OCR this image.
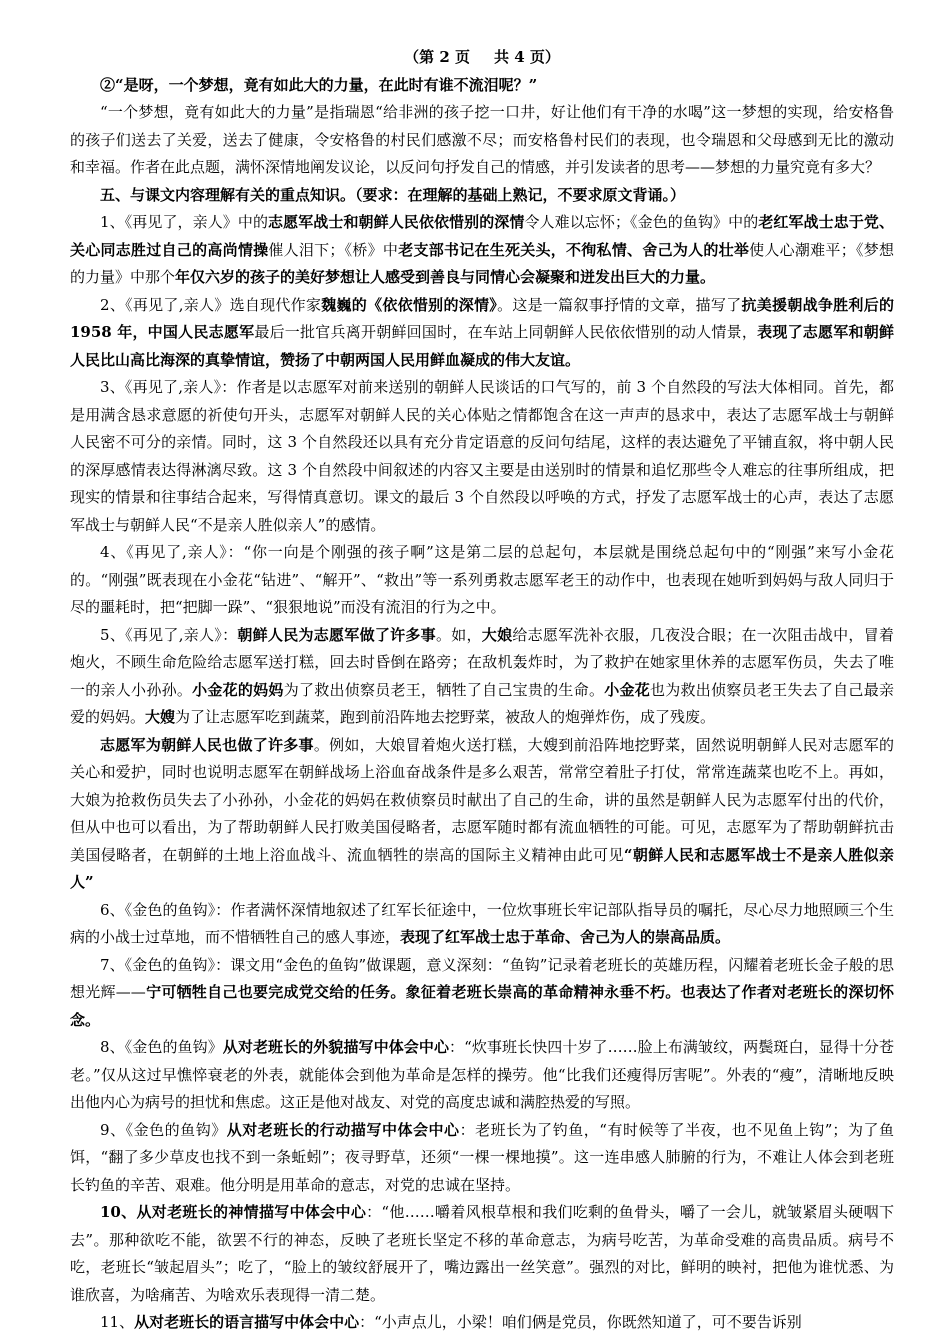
（第 2 页 共 4 页）

②“是呀，一个梦想，竟有如此大的力量，在此时有谁不流泪呢？”

“一个梦想，竟有如此大的力量”是指瑞恩“给非洲的孩子挖一口井，好让他们有干净的水喝”这一梦想的实现，给安格鲁的孩子们送去了关爱，送去了健康，令安格鲁的村民们感激不尽；而安格鲁村民们的表现，也令瑞恩和父母感到无比的激动和幸福。作者在此点题，满怀深情地阐发议论，以反问句抒发自己的情感，并引发读者的思考——梦想的力量究竟有多大？

五、与课文内容理解有关的重点知识。（要求：在理解的基础上熟记，不要求原文背诵。）

1、《再见了，亲人》中的志愿军战士和朝鲜人民依依惜别的深情令人难以忘怀；《金色的鱼钩》中的老红军战士忠于党、关心同志胜过自己的高尚情操催人泪下；《桥》中老支部书记在生死关头，不徇私情、舍己为人的壮举使人心潮难平；《梦想的力量》中那个年仅六岁的孩子的美好梦想让人感受到善良与同情心会凝聚和迸发出巨大的力量。

2、《再见了,亲人》选自现代作家魏巍的《依依惜别的深情》。这是一篇叙事抒情的文章，描写了抗美援朝战争胜利后的 1958 年，中国人民志愿军最后一批官兵离开朝鲜回国时，在车站上同朝鲜人民依依惜别的动人情景，表现了志愿军和朝鲜人民比山高比海深的真挚情谊，赞扬了中朝两国人民用鲜血凝成的伟大友谊。

3、《再见了,亲人》：作者是以志愿军对前来送别的朝鲜人民谈话的口气写的，前 3 个自然段的写法大体相同。首先，都是用满含恳求意愿的祈使句开头，志愿军对朝鲜人民的关心体贴之情都饱含在这一声声的恳求中，表达了志愿军战士与朝鲜人民密不可分的亲情。同时，这 3 个自然段还以具有充分肯定语意的反问句结尾，这样的表达避免了平铺直叙，将中朝人民的深厚感情表达得淋漓尽致。这 3 个自然段中间叙述的内容又主要是由送别时的情景和追忆那些令人难忘的往事所组成，把现实的情景和往事结合起来，写得情真意切。课文的最后 3 个自然段以呼唤的方式，抒发了志愿军战士的心声，表达了志愿军战士与朝鲜人民“不是亲人胜似亲人”的感情。

4、《再见了,亲人》：“你一向是个刚强的孩子啊”这是第二层的总起句，本层就是围绕总起句中的“刚强”来写小金花的。“刚强”既表现在小金花“钻进”、“解开”、“救出”等一系列勇救志愿军老王的动作中，也表现在她听到妈妈与敌人同归于尽的噩耗时，把“把脚一跺”、“狠狠地说”而没有流泪的行为之中。

5、《再见了,亲人》：朝鲜人民为志愿军做了许多事。如，大娘给志愿军洗补衣服，几夜没合眼；在一次阻击战中，冒着炮火，不顾生命危险给志愿军送打糕，回去时昏倒在路旁；在敌机轰炸时，为了救护在她家里休养的志愿军伤员，失去了唯一的亲人小孙孙。小金花的妈妈为了救出侦察员老王，牺牲了自己宝贵的生命。小金花也为救出侦察员老王失去了自己最亲爱的妈妈。大嫂为了让志愿军吃到蔬菜，跑到前沿阵地去挖野菜，被敌人的炮弹炸伤，成了残废。

志愿军为朝鲜人民也做了许多事。例如，大娘冒着炮火送打糕，大嫂到前沿阵地挖野菜，固然说明朝鲜人民对志愿军的关心和爱护，同时也说明志愿军在朝鲜战场上浴血奋战条件是多么艰苦，常常空着肚子打仗，常常连蔬菜也吃不上。再如，大娘为抢救伤员失去了小孙孙，小金花的妈妈在救侦察员时献出了自己的生命，讲的虽然是朝鲜人民为志愿军付出的代价，但从中也可以看出，为了帮助朝鲜人民打败美国侵略者，志愿军随时都有流血牺牲的可能。可见，志愿军为了帮助朝鲜抗击美国侵略者，在朝鲜的土地上浴血战斗、流血牺牲的崇高的国际主义精神由此可见“朝鲜人民和志愿军战士不是亲人胜似亲人”

6、《金色的鱼钩》：作者满怀深情地叙述了红军长征途中，一位炊事班长牢记部队指导员的嘱托，尽心尽力地照顾三个生病的小战士过草地，而不惜牺牲自己的感人事迹，表现了红军战士忠于革命、舍己为人的崇高品质。

7、《金色的鱼钩》：课文用“金色的鱼钩”做课题，意义深刻：“鱼钩”记录着老班长的英雄历程，闪耀着老班长金子般的思想光辉——宁可牺牲自己也要完成党交给的任务。象征着老班长崇高的革命精神永垂不朽。也表达了作者对老班长的深切怀念。

8、《金色的鱼钩》从对老班长的外貌描写中体会中心：“炊事班长快四十岁了……脸上布满皱纹，两鬓斑白，显得十分苍老。”仅从这过早憔悴衰老的外表，就能体会到他为革命是怎样的操劳。他“比我们还瘦得厉害呢”。外表的“瘦”，清晰地反映出他内心为病号的担忧和焦虑。这正是他对战友、对党的高度忠诚和满腔热爱的写照。

9、《金色的鱼钩》从对老班长的行动描写中体会中心：老班长为了钓鱼，“有时候等了半夜，也不见鱼上钩”；为了鱼饵，“翻了多少草皮也找不到一条蚯蚓”；夜寻野草，还须“一棵一棵地摸”。这一连串感人肺腑的行为，不难让人体会到老班长钓鱼的辛苦、艰难。他分明是用革命的意志，对党的忠诚在坚持。

10、从对老班长的神情描写中体会中心：“他……嚼着风根草根和我们吃剩的鱼骨头，嚼了一会儿，就皱紧眉头硬咽下去”。那种欲吃不能，欲罢不行的神态，反映了老班长坚定不移的革命意志，为病号吃苦，为革命受难的高贵品质。病号不吃，老班长“皱起眉头”；吃了，“脸上的皱纹舒展开了，嘴边露出一丝笑意”。强烈的对比，鲜明的映衬，把他为谁忧悉、为谁欣喜，为啥痛苦、为啥欢乐表现得一清二楚。

11、从对老班长的语言描写中体会中心：“小声点儿，小梁！咱们俩是党员，你既然知道了，可不要告诉别
